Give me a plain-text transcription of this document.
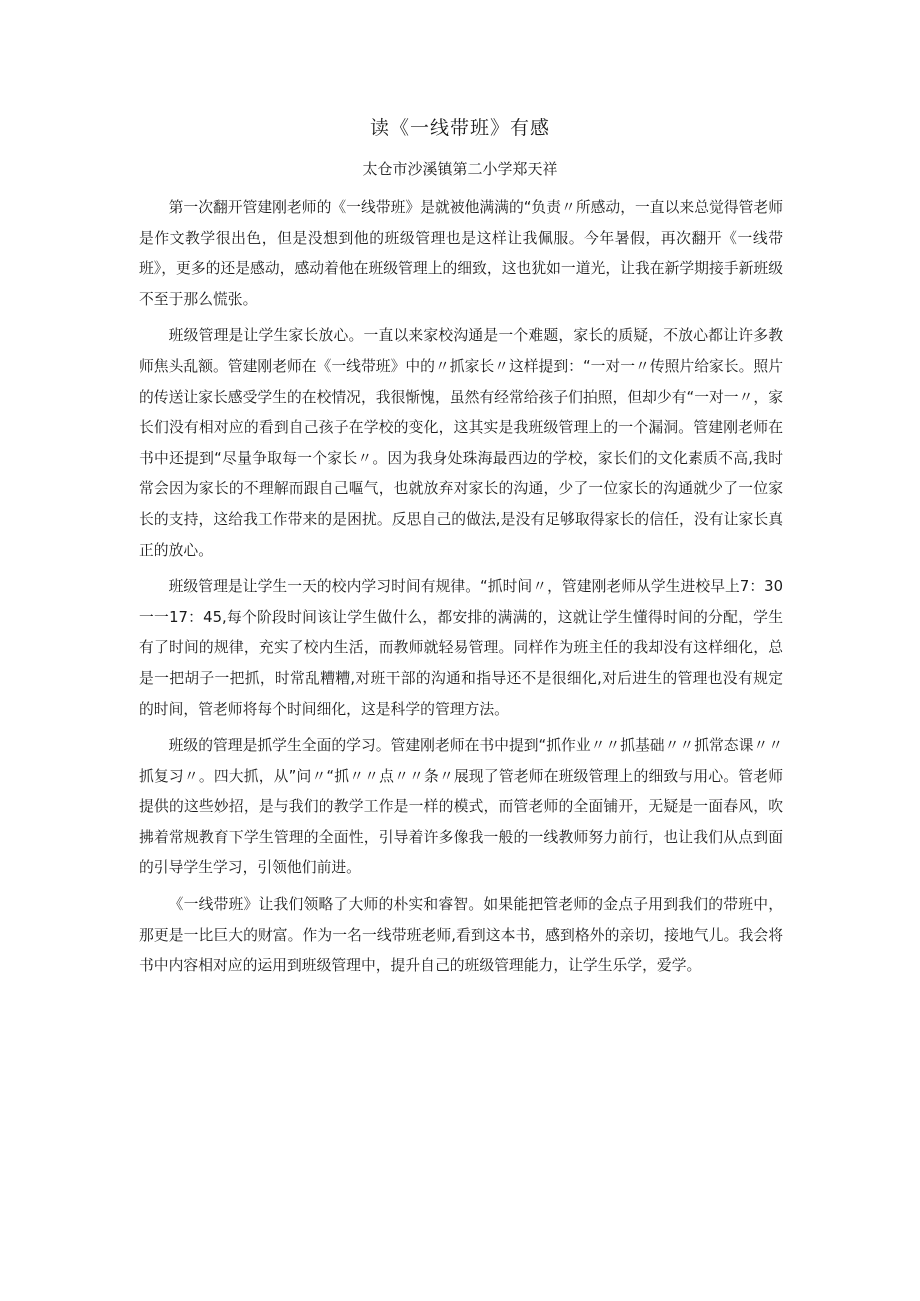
读《一线带班》有感
太仓市沙溪镇第二小学郑天祥

第一次翻开管建刚老师的《一线带班》是就被他满满的“负责〃所感动，一直以来总觉得管老师是作文教学很出色，但是没想到他的班级管理也是这样让我佩服。今年暑假，再次翻开《一线带班》，更多的还是感动，感动着他在班级管理上的细致，这也犹如一道光，让我在新学期接手新班级不至于那么慌张。

班级管理是让学生家长放心。一直以来家校沟通是一个难题，家长的质疑，不放心都让许多教师焦头乱额。管建刚老师在《一线带班》中的〃抓家长〃这样提到：“一对一〃传照片给家长。照片的传送让家长感受学生的在校情况，我很惭愧，虽然有经常给孩子们拍照，但却少有“一对一〃，家长们没有相对应的看到自己孩子在学校的变化，这其实是我班级管理上的一个漏洞。管建刚老师在书中还提到“尽量争取每一个家长〃。因为我身处珠海最西边的学校，家长们的文化素质不高,我时常会因为家长的不理解而跟自己嘔气，也就放弃对家长的沟通，少了一位家长的沟通就少了一位家长的支持，这给我工作带来的是困扰。反思自己的做法,是没有足够取得家长的信任，没有让家长真正的放心。

班级管理是让学生一天的校内学习时间有规律。“抓时间〃，管建刚老师从学生进校早上7：30一一17：45,每个阶段时间该让学生做什么，都安排的满满的，这就让学生懂得时间的分配，学生有了时间的规律，充实了校内生活，而教师就轻易管理。同样作为班主任的我却没有这样细化，总是一把胡子一把抓，时常乱糟糟,对班干部的沟通和指导还不是很细化,对后进生的管理也没有规定的时间，管老师将每个时间细化，这是科学的管理方法。

班级的管理是抓学生全面的学习。管建刚老师在书中提到“抓作业〃〃抓基础〃〃抓常态课〃〃抓复习〃。四大抓，从”问〃“抓〃〃点〃〃条〃展现了管老师在班级管理上的细致与用心。管老师提供的这些妙招，是与我们的教学工作是一样的模式，而管老师的全面铺开，无疑是一面春风，吹拂着常规教育下学生管理的全面性，引导着许多像我一般的一线教师努力前行，也让我们从点到面的引导学生学习，引领他们前进。

《一线带班》让我们领略了大师的朴实和睿智。如果能把管老师的金点子用到我们的带班中，那更是一比巨大的财富。作为一名一线带班老师,看到这本书，感到格外的亲切，接地气儿。我会将书中内容相对应的运用到班级管理中，提升自己的班级管理能力，让学生乐学，爱学。
